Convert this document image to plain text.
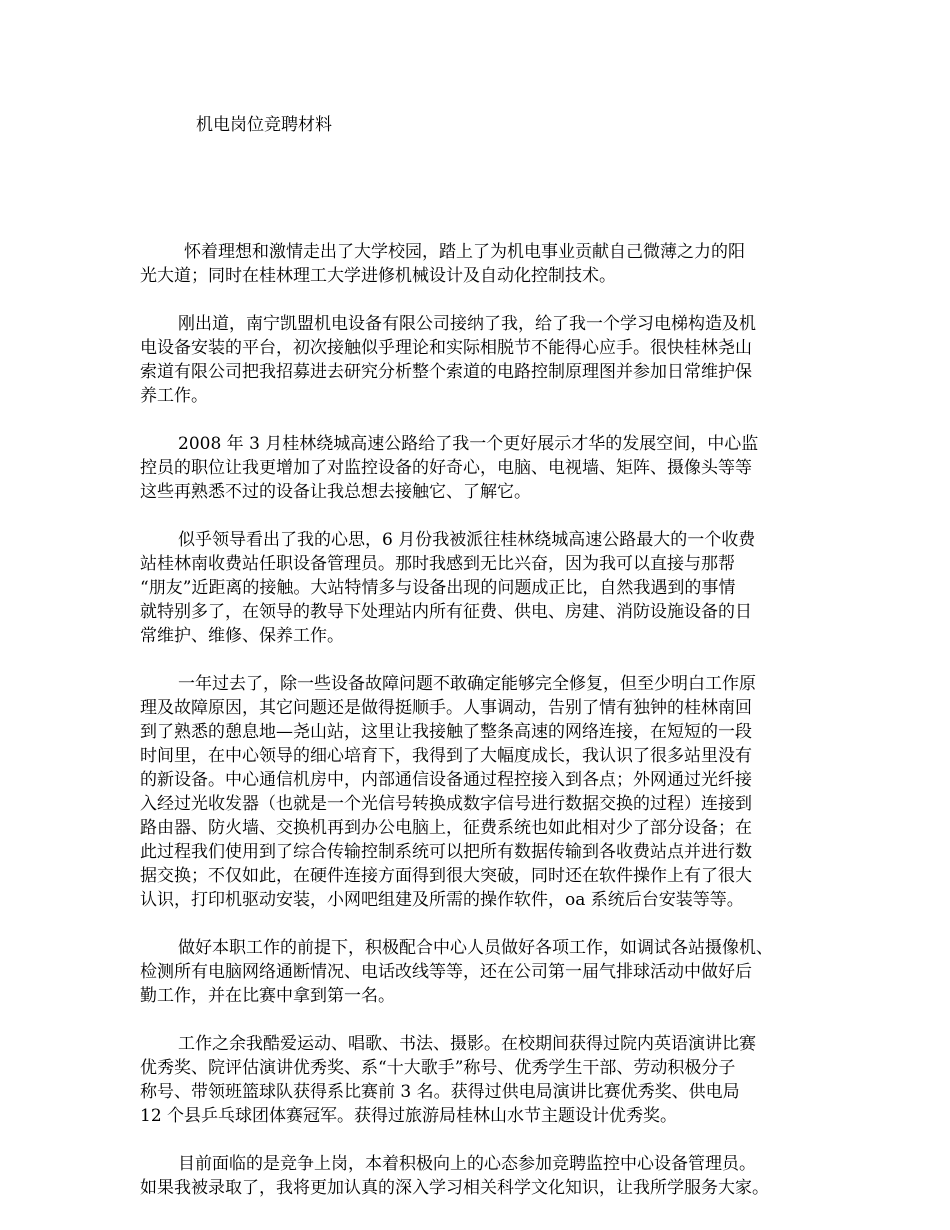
机电岗位竞聘材料
怀着理想和激情走出了大学校园，踏上了为机电事业贡献自己微薄之力的阳
光大道；同时在桂林理工大学进修机械设计及自动化控制技术。
刚出道，南宁凯盟机电设备有限公司接纳了我，给了我一个学习电梯构造及机
电设备安装的平台，初次接触似乎理论和实际相脱节不能得心应手。很快桂林尧山
索道有限公司把我招募进去研究分析整个索道的电路控制原理图并参加日常维护保
养工作。
2008 年 3 月桂林绕城高速公路给了我一个更好展示才华的发展空间，中心监
控员的职位让我更增加了对监控设备的好奇心，电脑、电视墙、矩阵、摄像头等等
这些再熟悉不过的设备让我总想去接触它、了解它。
似乎领导看出了我的心思，6 月份我被派往桂林绕城高速公路最大的一个收费
站桂林南收费站任职设备管理员。那时我感到无比兴奋，因为我可以直接与那帮
“朋友”近距离的接触。大站特情多与设备出现的问题成正比，自然我遇到的事情
就特别多了，在领导的教导下处理站内所有征费、供电、房建、消防设施设备的日
常维护、维修、保养工作。
一年过去了，除一些设备故障问题不敢确定能够完全修复，但至少明白工作原
理及故障原因，其它问题还是做得挺顺手。人事调动，告别了情有独钟的桂林南回
到了熟悉的憩息地—尧山站，这里让我接触了整条高速的网络连接，在短短的一段
时间里，在中心领导的细心培育下，我得到了大幅度成长，我认识了很多站里没有
的新设备。中心通信机房中，内部通信设备通过程控接入到各点；外网通过光纤接
入经过光收发器（也就是一个光信号转换成数字信号进行数据交换的过程）连接到
路由器、防火墙、交换机再到办公电脑上，征费系统也如此相对少了部分设备；在
此过程我们使用到了综合传输控制系统可以把所有数据传输到各收费站点并进行数
据交换；不仅如此，在硬件连接方面得到很大突破，同时还在软件操作上有了很大
认识，打印机驱动安装，小网吧组建及所需的操作软件，oa 系统后台安装等等。
做好本职工作的前提下，积极配合中心人员做好各项工作，如调试各站摄像机、
检测所有电脑网络通断情况、电话改线等等，还在公司第一届气排球活动中做好后
勤工作，并在比赛中拿到第一名。
工作之余我酷爱运动、唱歌、书法、摄影。在校期间获得过院内英语演讲比赛
优秀奖、院评估演讲优秀奖、系“十大歌手”称号、优秀学生干部、劳动积极分子
称号、带领班篮球队获得系比赛前 3 名。获得过供电局演讲比赛优秀奖、供电局
12 个县乒乓球团体赛冠军。获得过旅游局桂林山水节主题设计优秀奖。
目前面临的是竞争上岗，本着积极向上的心态参加竞聘监控中心设备管理员。
如果我被录取了，我将更加认真的深入学习相关科学文化知识，让我所学服务大家。
